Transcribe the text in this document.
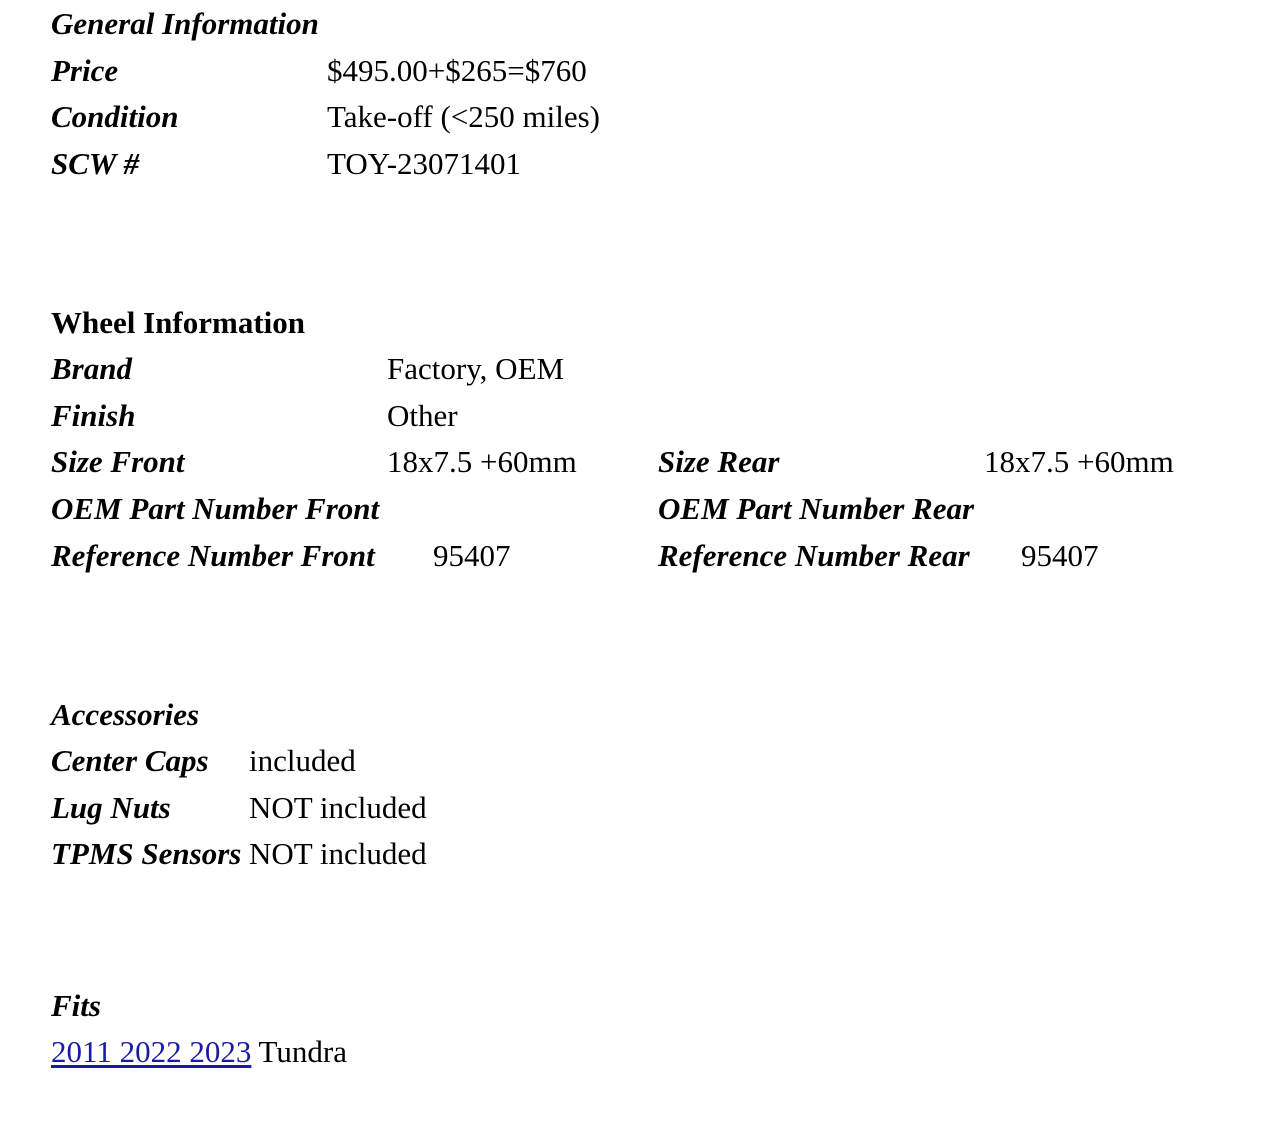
General Information
Price	$495.00+$265=$760
Condition	Take-off (<250 miles)
SCW #	TOY-23071401
Wheel Information
Brand	Factory, OEM
Finish	Other
Size Front	18x7.5 +60mm	Size Rear	18x7.5 +60mm
OEM Part Number Front	OEM Part Number Rear
Reference Number Front 95407	Reference Number Rear 95407
Accessories
Center Caps included
Lug Nuts	NOT included
TPMS Sensors NOT included
Fits
2011 2022 2023 Tundra
